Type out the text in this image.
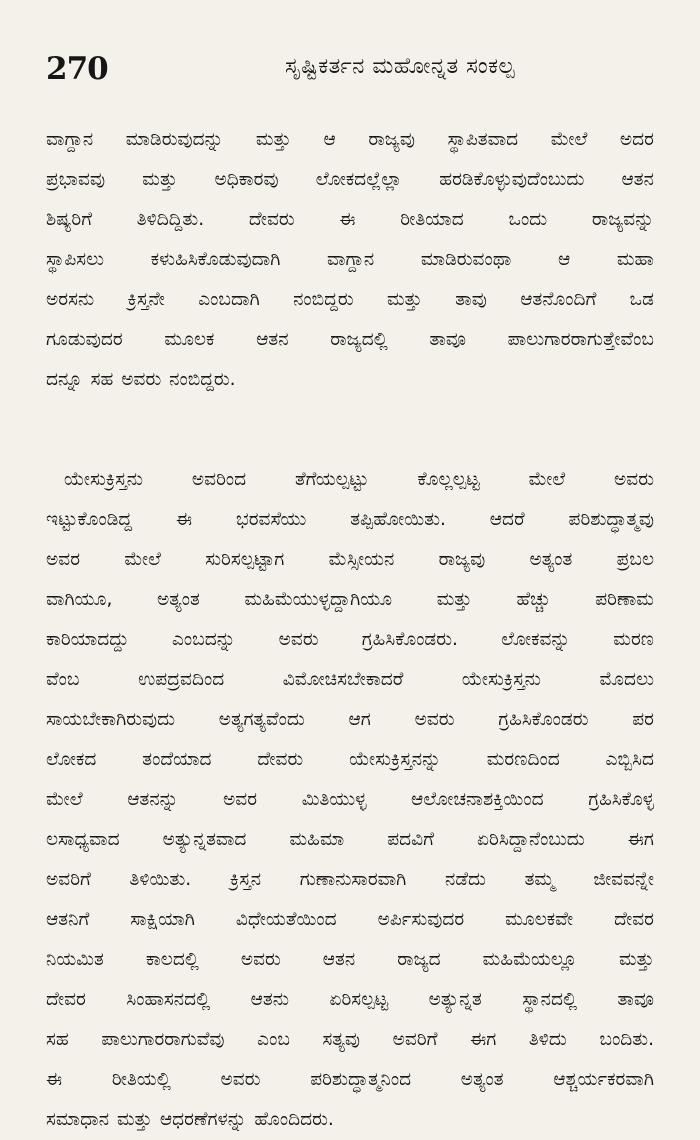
270	ಸೃಷ್ಟಿಕರ್ತನ ಮಹೋನ್ನತ ಸಂಕಲ್ಪ
ವಾಗ್ದಾನ ಮಾಡಿರುವುದನ್ನು ಮತ್ತು ಆ ರಾಜ್ಯವು ಸ್ಥಾಪಿತವಾದ ಮೇಲೆ ಅದರ
ಪ್ರಭಾವವು ಮತ್ತು ಅಧಿಕಾರವು ಲೋಕದಲ್ಲೆಲ್ಲಾ ಹರಡಿಕೊಳ್ಳುವುದೆಂಬುದು ಆತನ
ಶಿಷ್ಯರಿಗೆ ತಿಳಿದಿದ್ದಿತು. ದೇವರು ಈ ರೀತಿಯಾದ ಒಂದು ರಾಜ್ಯವನ್ನು
ಸ್ಥಾಪಿಸಲು ಕಳುಹಿಸಿಕೊಡುವುದಾಗಿ ವಾಗ್ದಾನ ಮಾಡಿರುವಂಥಾ ಆ ಮಹಾ
ಅರಸನು ಕ್ರಿಸ್ತನೇ ಎಂಬದಾಗಿ ನಂಬಿದ್ದರು ಮತ್ತು ತಾವು ಆತನೊಂದಿಗೆ ಒಡ
ಗೂಡುವುದರ ಮೂಲಕ ಆತನ ರಾಜ್ಯದಲ್ಲಿ ತಾವೂ ಪಾಲುಗಾರರಾಗುತ್ತೇವೆಂಬ
ದನ್ನೂ ಸಹ ಅವರು ನಂಬಿದ್ದರು.
ಯೇಸುಕ್ರಿಸ್ತನು ಅವರಿಂದ ತೆಗೆಯಲ್ಪಟ್ಟು ಕೊಲ್ಲಲ್ಪಟ್ಟ ಮೇಲೆ ಅವರು
ಇಟ್ಟುಕೊಂಡಿದ್ದ ಈ ಭರವಸೆಯು ತಪ್ಪಿಹೋಯಿತು. ಆದರೆ ಪರಿಶುದ್ಧಾತ್ಮವು
ಅವರ ಮೇಲೆ ಸುರಿಸಲ್ಪಟ್ಟಾಗ ಮೆಸ್ಸೀಯನ ರಾಜ್ಯವು ಅತ್ಯಂತ ಪ್ರಬಲ
ವಾಗಿಯೂ, ಅತ್ಯಂತ ಮಹಿಮೆಯುಳ್ಳದ್ದಾಗಿಯೂ ಮತ್ತು ಹೆಚ್ಚು ಪರಿಣಾಮ
ಕಾರಿಯಾದದ್ದು ಎಂಬದನ್ನು ಅವರು ಗ್ರಹಿಸಿಕೊಂಡರು. ಲೋಕವನ್ನು ಮರಣ
ವೆಂಬ ಉಪದ್ರವದಿಂದ ವಿಮೋಚಿಸಬೇಕಾದರೆ ಯೇಸುಕ್ರಿಸ್ತನು ಮೊದಲು
ಸಾಯಬೇಕಾಗಿರುವುದು ಅತ್ಯಗತ್ಯವೆಂದು ಆಗ ಅವರು ಗ್ರಹಿಸಿಕೊಂಡರು ಪರ
ಲೋಕದ ತಂದೆಯಾದ ದೇವರು ಯೇಸುಕ್ರಿಸ್ತನನ್ನು ಮರಣದಿಂದ ಎಬ್ಬಿಸಿದ
ಮೇಲೆ ಆತನನ್ನು ಅವರ ಮಿತಿಯುಳ್ಳ ಆಲೋಚನಾಶಕ್ತಿಯಿಂದ ಗ್ರಹಿಸಿಕೊಳ್ಳ
ಲಸಾಧ್ಯವಾದ ಅತ್ಯುನ್ನತವಾದ ಮಹಿಮಾ ಪದವಿಗೆ ಏರಿಸಿದ್ದಾನೆಂಬುದು ಈಗ
ಅವರಿಗೆ ತಿಳಿಯಿತು. ಕ್ರಿಸ್ತನ ಗುಣಾನುಸಾರವಾಗಿ ನಡೆದು ತಮ್ಮ ಜೀವವನ್ನೇ
ಆತನಿಗೆ ಸಾಕ್ಷಿಯಾಗಿ ವಿಧೇಯತೆಯಿಂದ ಅರ್ಪಿಸುವುದರ ಮೂಲಕವೇ ದೇವರ
ನಿಯಮಿತ ಕಾಲದಲ್ಲಿ ಅವರು ಆತನ ರಾಜ್ಯದ ಮಹಿಮೆಯಲ್ಲೂ ಮತ್ತು
ದೇವರ ಸಿಂಹಾಸನದಲ್ಲಿ ಆತನು ಏರಿಸಲ್ಪಟ್ಟ ಅತ್ಯುನ್ನತ ಸ್ಥಾನದಲ್ಲಿ ತಾವೂ
ಸಹ ಪಾಲುಗಾರರಾಗುವೆವು ಎಂಬ ಸತ್ಯವು ಅವರಿಗೆ ಈಗ ತಿಳಿದು ಬಂದಿತು.
ಈ ರೀತಿಯಲ್ಲಿ ಅವರು ಪರಿಶುದ್ಧಾತ್ಮನಿಂದ ಅತ್ಯಂತ ಆಶ್ಚರ್ಯಕರವಾಗಿ
ಸಮಾಧಾನ ಮತ್ತು ಆಧರಣೆಗಳನ್ನು ಹೊಂದಿದರು.
